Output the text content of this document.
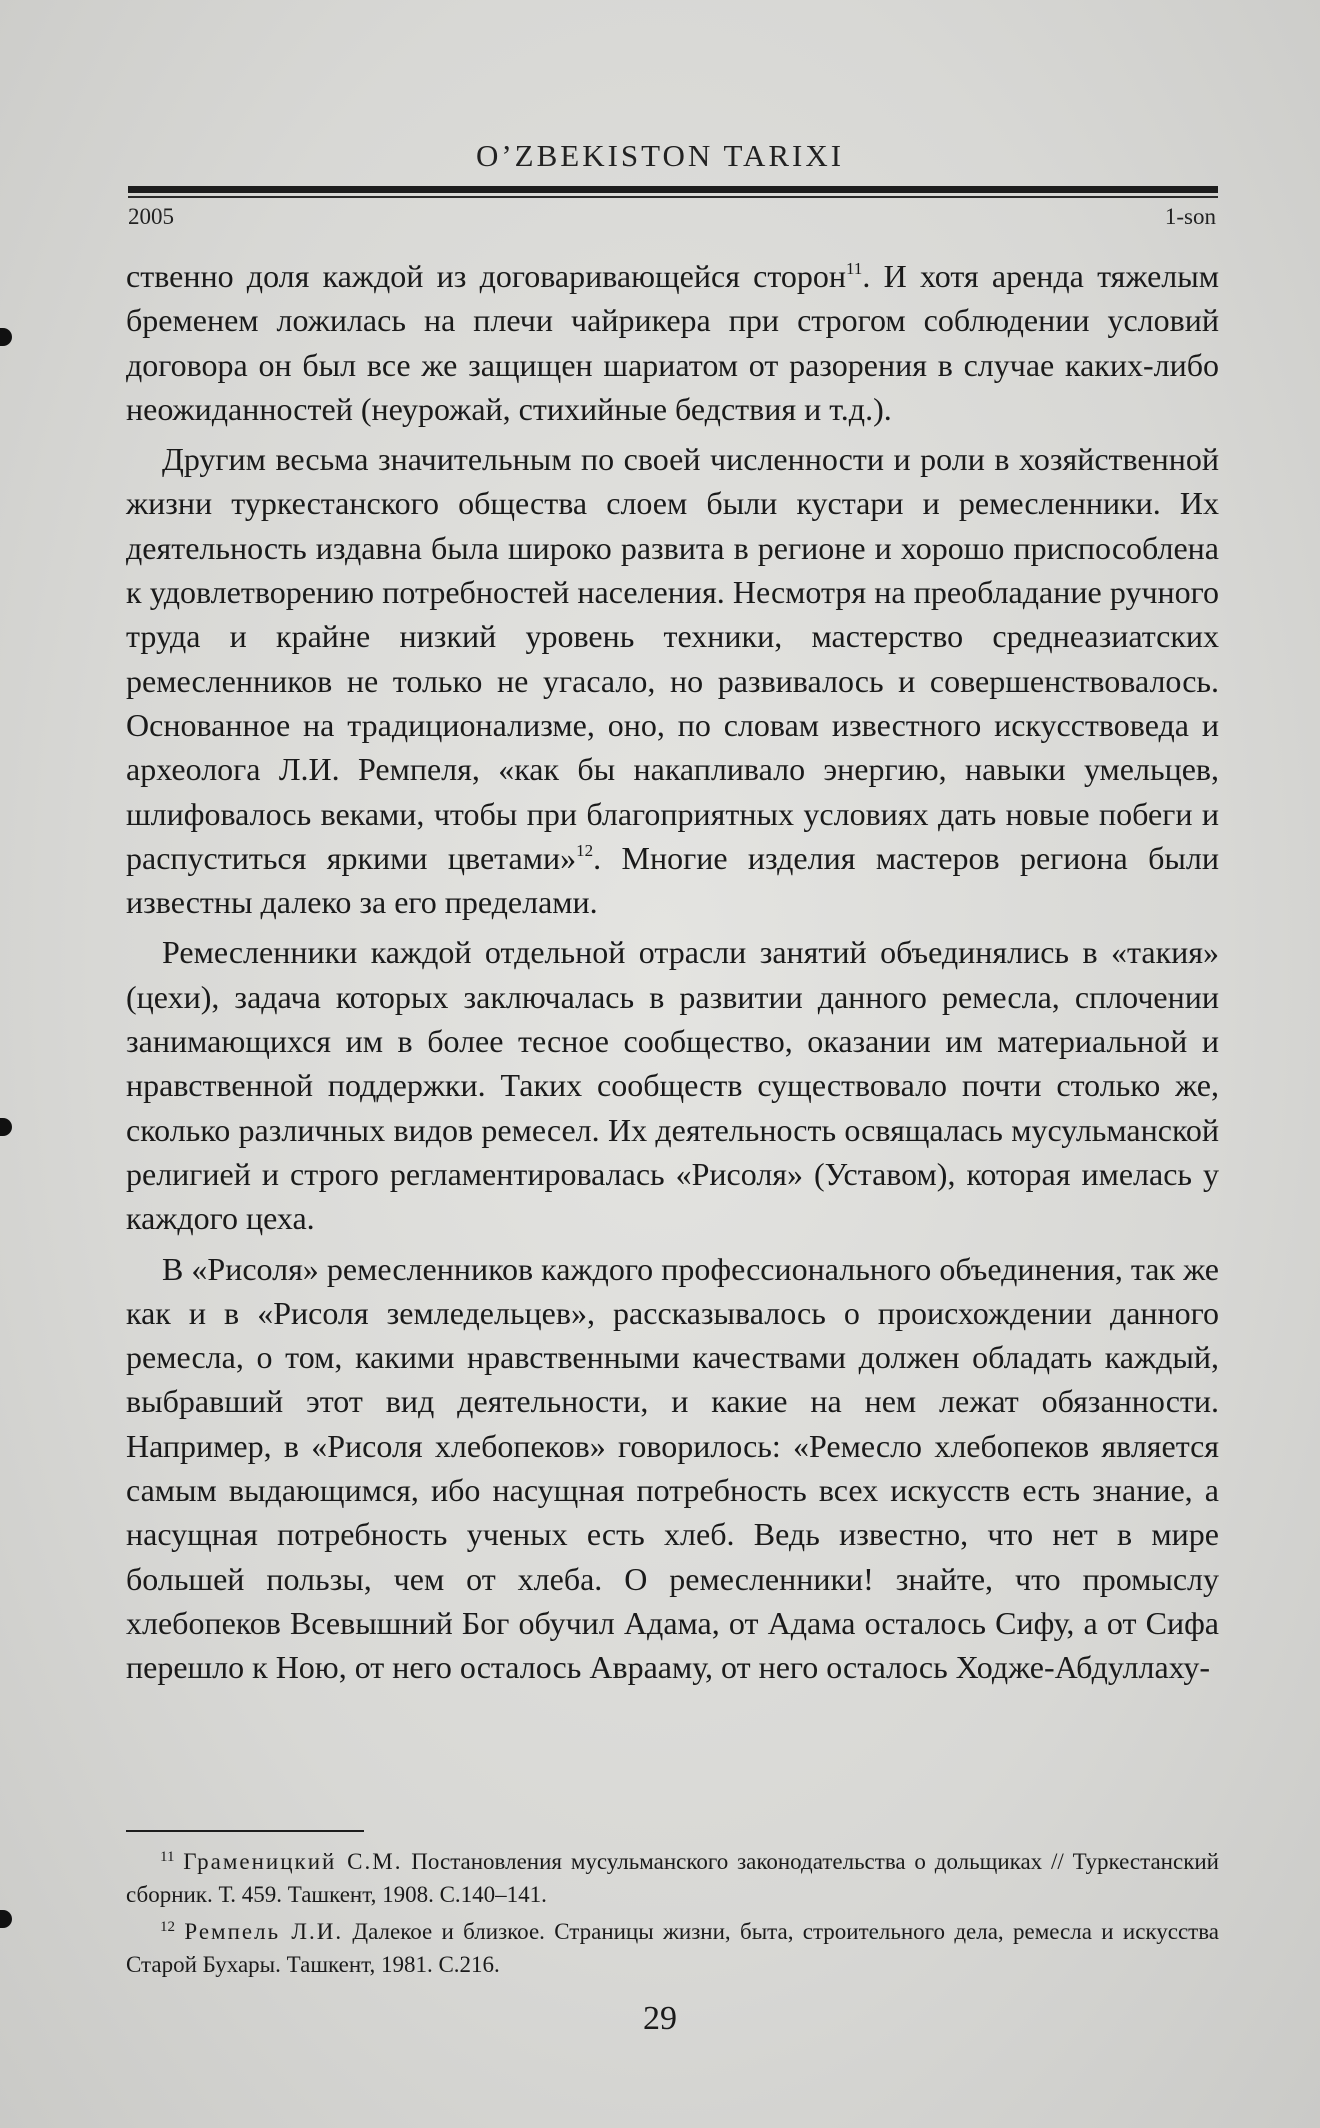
O’ZBEKISTON TARIXI
2005	1-son

ственно доля каждой из договаривающейся сторон$^{11}$. И хотя аренда тяжелым бременем ложилась на плечи чайрикера при строгом соблюдении условий договора он был все же защищен шариатом от разорения в случае каких-либо неожиданностей (неурожай, стихийные бедствия и т.д.).

Другим весьма значительным по своей численности и роли в хозяйственной жизни туркестанского общества слоем были кустари и ремесленники. Их деятельность издавна была широко развита в регионе и хорошо приспособлена к удовлетворению потребностей населения. Несмотря на преобладание ручного труда и крайне низкий уровень техники, мастерство среднеазиатских ремесленников не только не угасало, но развивалось и совершенствовалось. Основанное на традиционализме, оно, по словам известного искусствоведа и археолога Л.И. Ремпеля, «как бы накапливало энергию, навыки умельцев, шлифовалось веками, чтобы при благоприятных условиях дать новые побеги и распуститься яркими цветами»$^{12}$. Многие изделия мастеров региона были известны далеко за его пределами.

Ремесленники каждой отдельной отрасли занятий объединялись в «такия» (цехи), задача которых заключалась в развитии данного ремесла, сплочении занимающихся им в более тесное сообщество, оказании им материальной и нравственной поддержки. Таких сообществ существовало почти столько же, сколько различных видов ремесел. Их деятельность освящалась мусульманской религией и строго регламентировалась «Рисоля» (Уставом), которая имелась у каждого цеха.

В «Рисоля» ремесленников каждого профессионального объединения, так же как и в «Рисоля земледельцев», рассказывалось о происхождении данного ремесла, о том, какими нравственными качествами должен обладать каждый, выбравший этот вид деятельности, и какие на нем лежат обязанности. Например, в «Рисоля хлебопеков» говорилось: «Ремесло хлебопеков является самым выдающимся, ибо насущная потребность всех искусств есть знание, а насущная потребность ученых есть хлеб. Ведь известно, что нет в мире большей пользы, чем от хлеба. О ремесленники! знайте, что промыслу хлебопеков Всевышний Бог обучил Адама, от Адама осталось Сифу, а от Сифа перешло к Ною, от него осталось Аврааму, от него осталось Ходже-Абдуллаху-

$^{11}$ Граменицкий С.М. Постановления мусульманского законодательства о дольщиках // Туркестанский сборник. Т. 459. Ташкент, 1908. С.140–141.

$^{12}$ Ремпель Л.И. Далекое и близкое. Страницы жизни, быта, строительного дела, ремесла и искусства Старой Бухары. Ташкент, 1981. С.216.

29
